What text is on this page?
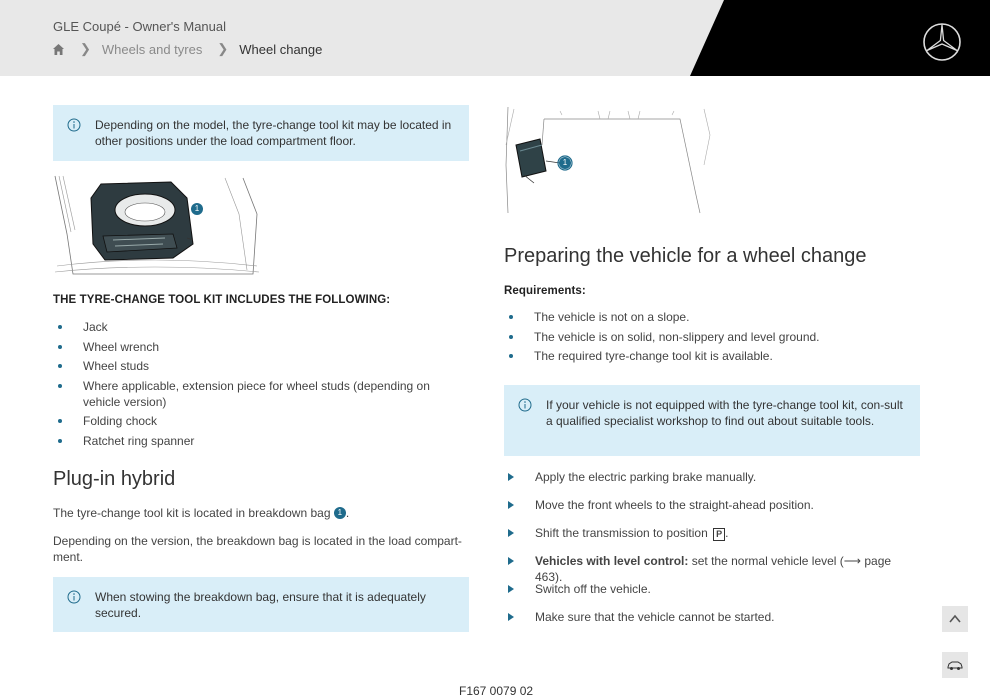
GLE Coupé - Owner's Manual
❯ Wheels and tyres ❯ Wheel change
Depending on the model, the tyre-change tool kit may be located in other positions under the load compartment floor.
1
THE TYRE-CHANGE TOOL KIT INCLUDES THE FOLLOWING:
Jack
Wheel wrench
Wheel studs
Where applicable, extension piece for wheel studs (depending on vehicle version)
Folding chock
Ratchet ring spanner
Plug-in hybrid

The tyre-change tool kit is located in breakdown bag 1 .

Depending on the version, the breakdown bag is located in the load compart-ment.

When stowing the breakdown bag, ensure that it is adequately secured.
1
Preparing the vehicle for a wheel change
Requirements:
The vehicle is not on a slope.
The vehicle is on solid, non-slippery and level ground.
The required tyre-change tool kit is available.
If your vehicle is not equipped with the tyre-change tool kit, con-sult a qualified specialist workshop to find out about suitable tools.
Apply the electric parking brake manually.
Move the front wheels to the straight-ahead position.
Shift the transmission to position P .
Vehicles with level control: set the normal vehicle level (⟶ page 463).
Switch off the vehicle.
Make sure that the vehicle cannot be started.
F167 0079 02
